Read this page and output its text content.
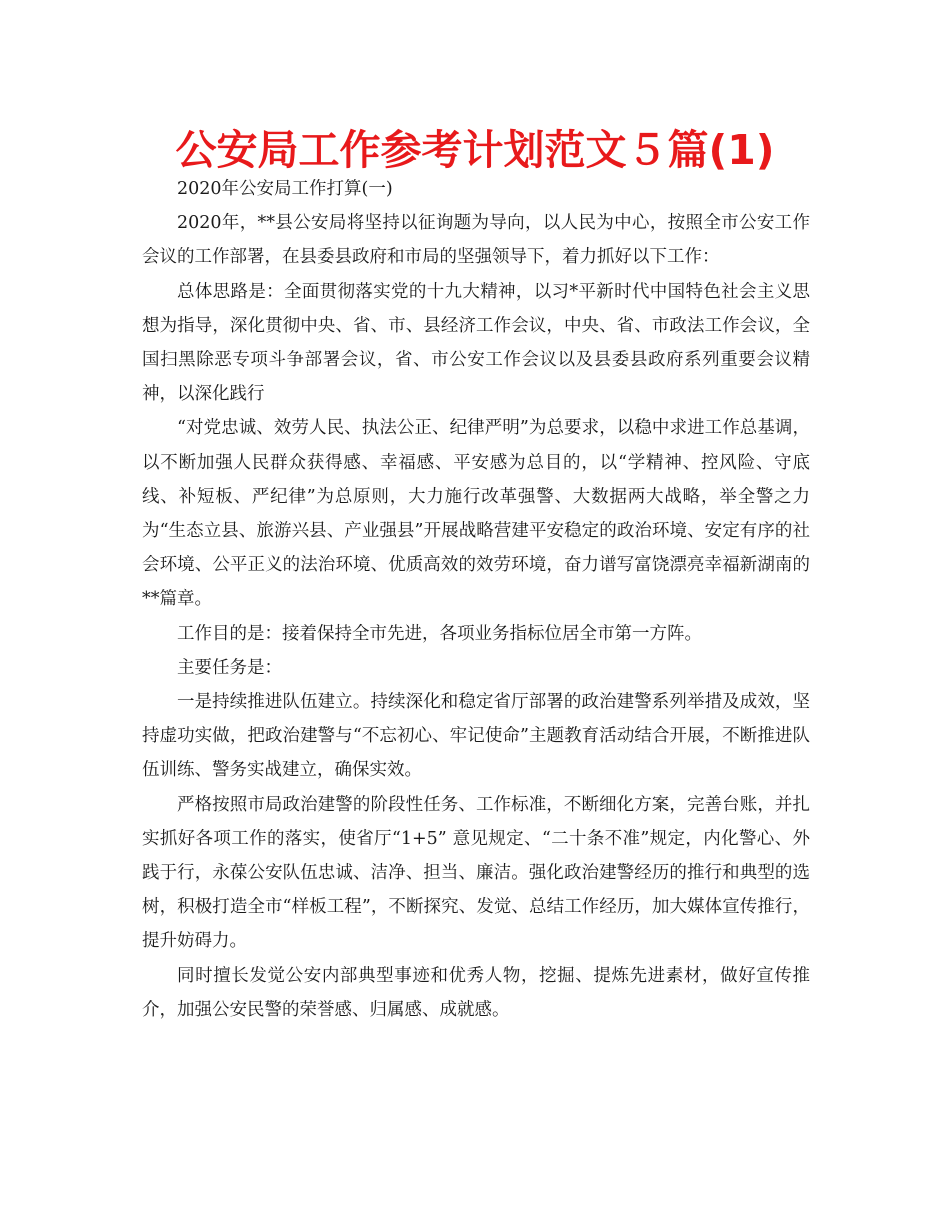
公安局工作参考计划范文５篇(1)

2020年公安局工作打算(一)

2020年，**县公安局将坚持以征询题为导向，以人民为中心，按照全市公安工作会议的工作部署，在县委县政府和市局的坚强领导下，着力抓好以下工作：

总体思路是：全面贯彻落实党的十九大精神，以习*平新时代中国特色社会主义思想为指导，深化贯彻中央、省、市、县经济工作会议，中央、省、市政法工作会议，全国扫黑除恶专项斗争部署会议，省、市公安工作会议以及县委县政府系列重要会议精神，以深化践行

“对党忠诚、效劳人民、执法公正、纪律严明”为总要求，以稳中求进工作总基调，以不断加强人民群众获得感、幸福感、平安感为总目的，以“学精神、控风险、守底线、补短板、严纪律”为总原则，大力施行改革强警、大数据两大战略，举全警之力为“生态立县、旅游兴县、产业强县”开展战略营建平安稳定的政治环境、安定有序的社会环境、公平正义的法治环境、优质高效的效劳环境，奋力谱写富饶漂亮幸福新湖南的**篇章。

工作目的是：接着保持全市先进，各项业务指标位居全市第一方阵。

主要任务是：

一是持续推进队伍建立。持续深化和稳定省厅部署的政治建警系列举措及成效，坚持虚功实做，把政治建警与“不忘初心、牢记使命”主题教育活动结合开展，不断推进队伍训练、警务实战建立，确保实效。

严格按照市局政治建警的阶段性任务、工作标准，不断细化方案，完善台账，并扎实抓好各项工作的落实，使省厅“1+5” 意见规定、“二十条不准”规定，内化警心、外践于行，永葆公安队伍忠诚、洁净、担当、廉洁。强化政治建警经历的推行和典型的选树，积极打造全市“样板工程”，不断探究、发觉、总结工作经历，加大媒体宣传推行，提升妨碍力。

同时擅长发觉公安内部典型事迹和优秀人物，挖掘、提炼先进素材，做好宣传推介，加强公安民警的荣誉感、归属感、成就感。
